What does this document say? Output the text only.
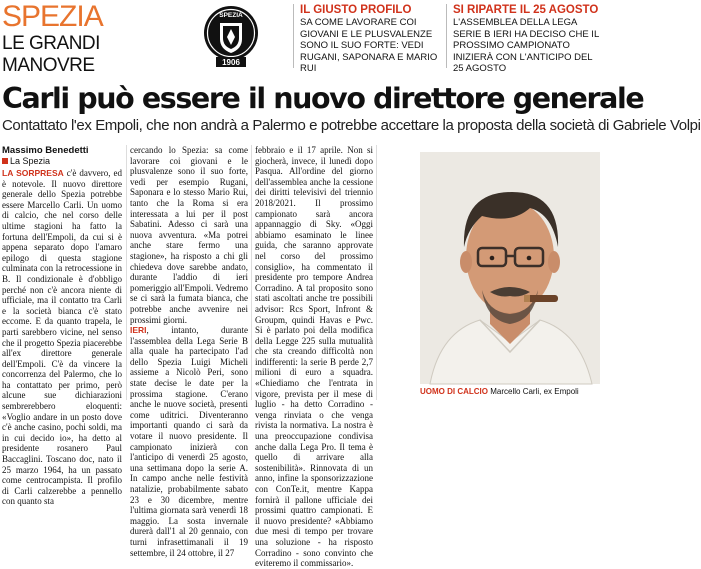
SPEZIA
LE GRANDI MANOVRE
SPEZIA
1906
IL GIUSTO PROFILO
SA COME LAVORARE COI GIOVANI E LE PLUSVALENZE SONO IL SUO FORTE: VEDI RUGANI, SAPONARA E MARIO RUI
SI RIPARTE IL 25 AGOSTO
L'ASSEMBLEA DELLA LEGA SERIE B IERI HA DECISO CHE IL PROSSIMO CAMPIONATO INIZIERÀ CON L'ANTICIPO DEL 25 AGOSTO
Carli può essere il nuovo direttore generale
Contattato l'ex Empoli, che non andrà a Palermo e potrebbe accettare la proposta della società di Gabriele Volpi
Massimo Benedetti
La Spezia
LA SORPRESA c'è davvero, ed è notevole. Il nuovo direttore generale dello Spezia potrebbe essere Marcello Carli. Un uomo di calcio, che nel corso delle ultime stagioni ha fatto la fortuna dell'Empoli, da cui si è appena separato dopo l'amaro epilogo di questa stagione culminata con la retrocessione in B. Il condizionale è d'obbligo perché non c'è ancora niente di ufficiale, ma il contatto tra Carli e la società bianca c'è stato eccome. E da quanto trapela, le parti sarebbero vicine, nel senso che il progetto Spezia piacerebbe all'ex direttore generale dell'Empoli. C'è da vincere la concorrenza del Palermo, che lo ha contattato per primo, però alcune sue dichiarazioni sembrerebbero eloquenti: «Voglio andare in un posto dove c'è anche casino, pochi soldi, ma in cui decido io», ha detto al presidente rosanero Paul Baccaglini. Toscano doc, nato il 25 marzo 1964, ha un passato come centrocampista. Il profilo di Carli calzerebbe a pennello con quanto sta
cercando lo Spezia: sa come lavorare coi giovani e le plusvalenze sono il suo forte, vedi per esempio Rugani, Saponara e lo stesso Mario Rui, tanto che la Roma si era interessata a lui per il post Sabatini. Adesso ci sarà una nuova avventura. «Ma potrei anche stare fermo una stagione», ha risposto a chi gli chiedeva dove sarebbe andato, durante l'addio di ieri pomeriggio all'Empoli. Vedremo se ci sarà la fumata bianca, che potrebbe anche avvenire nei prossimi giorni.
IERI, intanto, durante l'assemblea della Lega Serie B alla quale ha partecipato l'ad dello Spezia Luigi Micheli assieme a Nicolò Peri, sono state decise le date per la prossima stagione. C'erano anche le nuove società, presenti come uditrici. Diventeranno importanti quando ci sarà da votare il nuovo presidente. Il campionato inizierà con l'anticipo di venerdì 25 agosto, una settimana dopo la serie A. In campo anche nelle festività natalizie, probabilmente sabato 23 e 30 dicembre, mentre l'ultima giornata sarà venerdì 18 maggio. La sosta invernale durerà dall'1 al 20 gennaio, con turni infrasettimanali il 19 settembre, il 24 ottobre, il 27
febbraio e il 17 aprile. Non si giocherà, invece, il lunedì dopo Pasqua. All'ordine del giorno dell'assemblea anche la cessione dei diritti televisivi del triennio 2018/2021. Il prossimo campionato sarà ancora appannaggio di Sky. «Oggi abbiamo esaminato le linee guida, che saranno approvate nel corso del prossimo consiglio», ha commentato il presidente pro tempore Andrea Corradino. A tal proposito sono stati ascoltati anche tre possibili advisor: Rcs Sport, Infront & Groupm, quindi Havas e Pwc. Si è parlato poi della modifica della Legge 225 sulla mutualità che sta creando difficoltà non indifferenti: la serie B perde 2,7 milioni di euro a squadra. «Chiediamo che l'entrata in vigore, prevista per il mese di luglio - ha detto Corradino - venga rinviata o che venga rivista la normativa. La nostra è una preoccupazione condivisa anche dalla Lega Pro. Il tema è quello di arrivare alla sostenibilità». Rinnovata di un anno, infine la sponsorizzazione con ConTe.it, mentre Kappa fornirà il pallone ufficiale dei prossimi quattro campionati. E il nuovo presidente? «Abbiamo due mesi di tempo per trovare una soluzione - ha risposto Corradino - sono convinto che eviteremo il commissario».
UOMO DI CALCIO Marcello Carli, ex Empoli
